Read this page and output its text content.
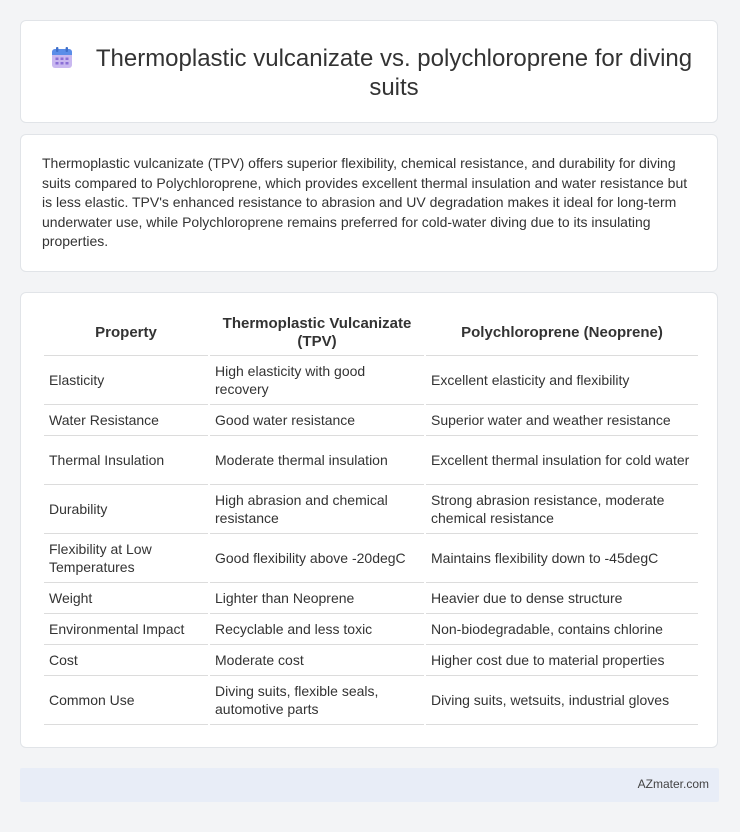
Thermoplastic vulcanizate vs. polychloroprene for diving suits

Thermoplastic vulcanizate (TPV) offers superior flexibility, chemical resistance, and durability for diving suits compared to Polychloroprene, which provides excellent thermal insulation and water resistance but is less elastic. TPV's enhanced resistance to abrasion and UV degradation makes it ideal for long-term underwater use, while Polychloroprene remains preferred for cold-water diving due to its insulating properties.

Property	Thermoplastic Vulcanizate (TPV)	Polychloroprene (Neoprene)
Elasticity	High elasticity with good recovery	Excellent elasticity and flexibility
Water Resistance	Good water resistance	Superior water and weather resistance
Thermal Insulation	Moderate thermal insulation	Excellent thermal insulation for cold water
Durability	High abrasion and chemical resistance	Strong abrasion resistance, moderate chemical resistance
Flexibility at Low Temperatures	Good flexibility above -20degC	Maintains flexibility down to -45degC
Weight	Lighter than Neoprene	Heavier due to dense structure
Environmental Impact	Recyclable and less toxic	Non-biodegradable, contains chlorine
Cost	Moderate cost	Higher cost due to material properties
Common Use	Diving suits, flexible seals, automotive parts	Diving suits, wetsuits, industrial gloves
AZmater.com
